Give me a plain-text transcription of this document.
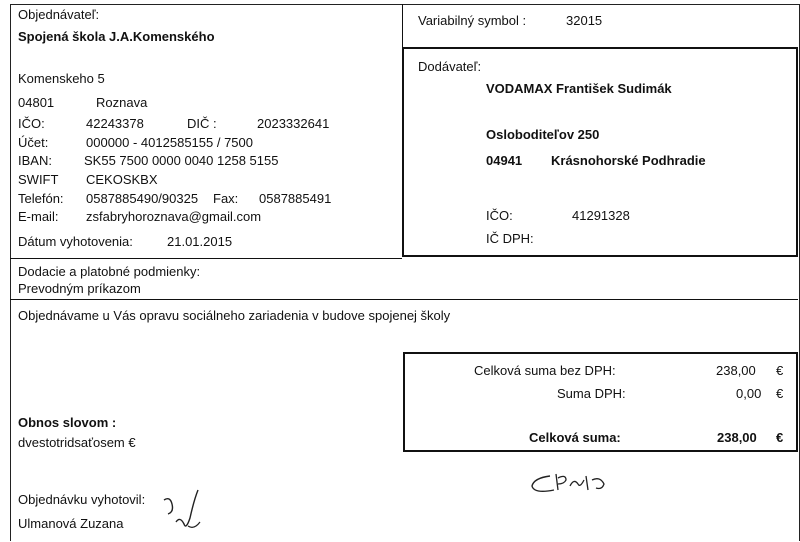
Objednávateľ:
Spojená škola J.A.Komenského
Komenskeho 5
04801	Roznava
IČO:	42243378	DIČ :	2023332641
Účet:	000000 - 4012585155 / 7500
IBAN: SK55 7500 0000 0040 1258 5155
SWIFT CEKOSKBX
Telefón: 0587885490/90325 Fax: 0587885491
E-mail: zsfabryhoroznava@gmail.com
Dátum vyhotovenia:	21.01.2015
Variabilný symbol :	32015
Dodávateľ:
VODAMAX František Sudimák
Osloboditeľov 250
04941 Krásnohorské Podhradie
IČO:	41291328
IČ DPH:
Dodacie a platobné podmienky:
Prevodným príkazom
Objednávame u Vás opravu sociálneho zariadenia v budove spojenej školy
Celková suma bez DPH:	238,00 €
Suma DPH:	0,00 €
Celková suma:	238,00 €
Obnos slovom :
dvestotridsaťosem €
Objednávku vyhotovil:
Ulmanová Zuzana
